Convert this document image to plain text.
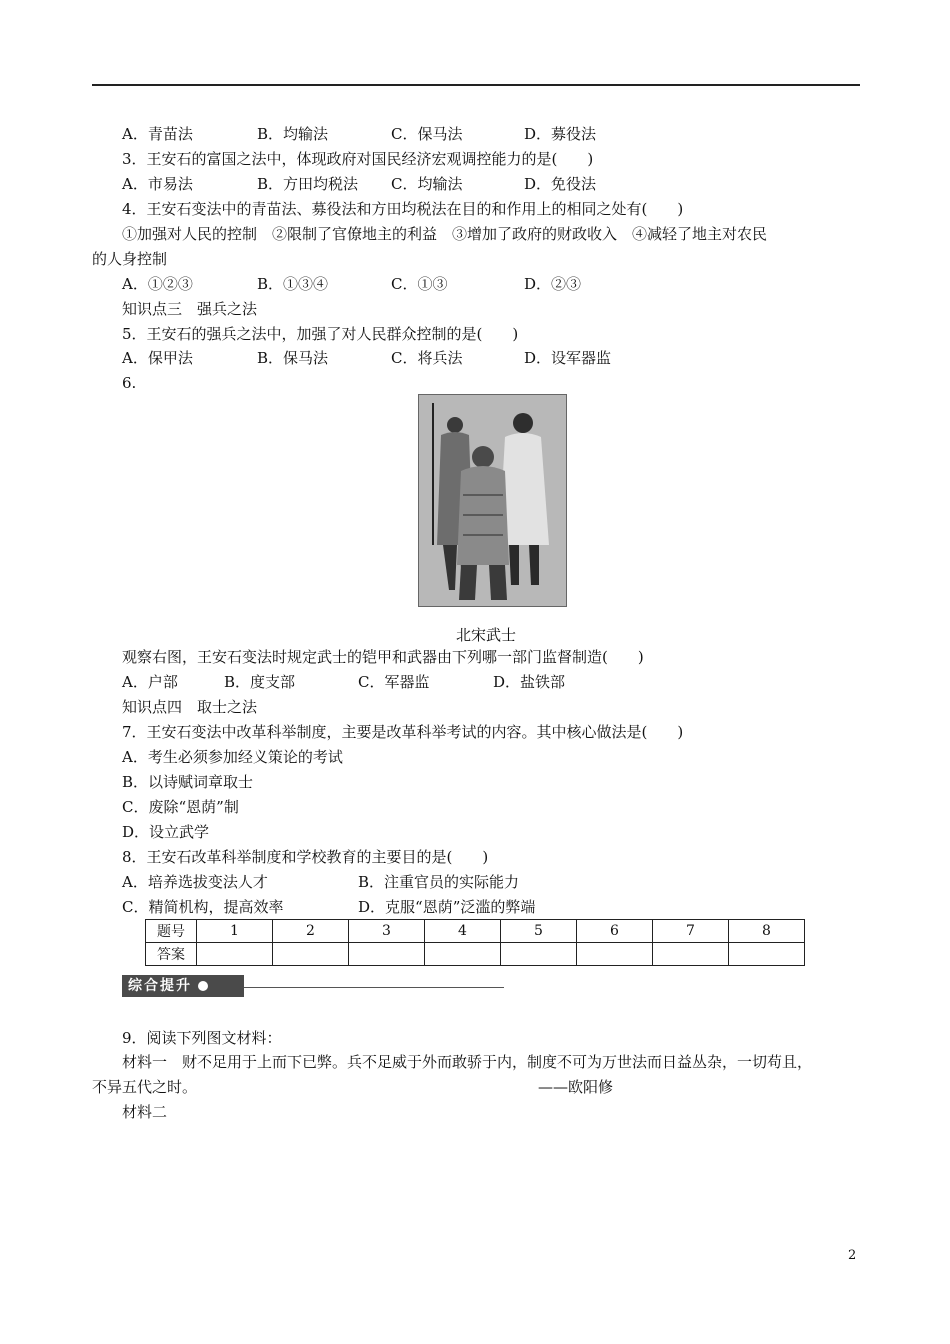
A．青苗法	B．均输法	C．保马法	D．募役法
3．王安石的富国之法中，体现政府对国民经济宏观调控能力的是(　　)
A．市易法	B．方田均税法 C．均输法	D．免役法
4．王安石变法中的青苗法、募役法和方田均税法在目的和作用上的相同之处有(　　)
①加强对人民的控制　②限制了官僚地主的利益　③增加了政府的财政收入　④减轻了地主对农民
的人身控制
A．①②③	B．①③④	C．①③	D．②③
知识点三　强兵之法
5．王安石的强兵之法中，加强了对人民群众控制的是(　　)
A．保甲法	B．保马法	C．将兵法	D．设军器监
6.
北宋武士
观察右图，王安石变法时规定武士的铠甲和武器由下列哪一部门监督制造(　　)
A．户部	B．度支部	C．军器监	D．盐铁部
知识点四　取士之法
7．王安石变法中改革科举制度，主要是改革科举考试的内容。其中核心做法是(　　)
A．考生必须参加经义策论的考试
B．以诗赋词章取士
C．废除“恩荫”制
D．设立武学
8．王安石改革科举制度和学校教育的主要目的是(　　)
A．培养选拔变法人才	B．注重官员的实际能力
C．精简机构，提高效率	D．克服“恩荫”泛滥的弊端
题号	1	2	3	4	5	6	7	8
答案								
综合提升
9．阅读下列图文材料：
材料一　财不足用于上而下已弊。兵不足威于外而敢骄于内，制度不可为万世法而日益丛杂，一切苟且，
不异五代之时。	——欧阳修
材料二
2
